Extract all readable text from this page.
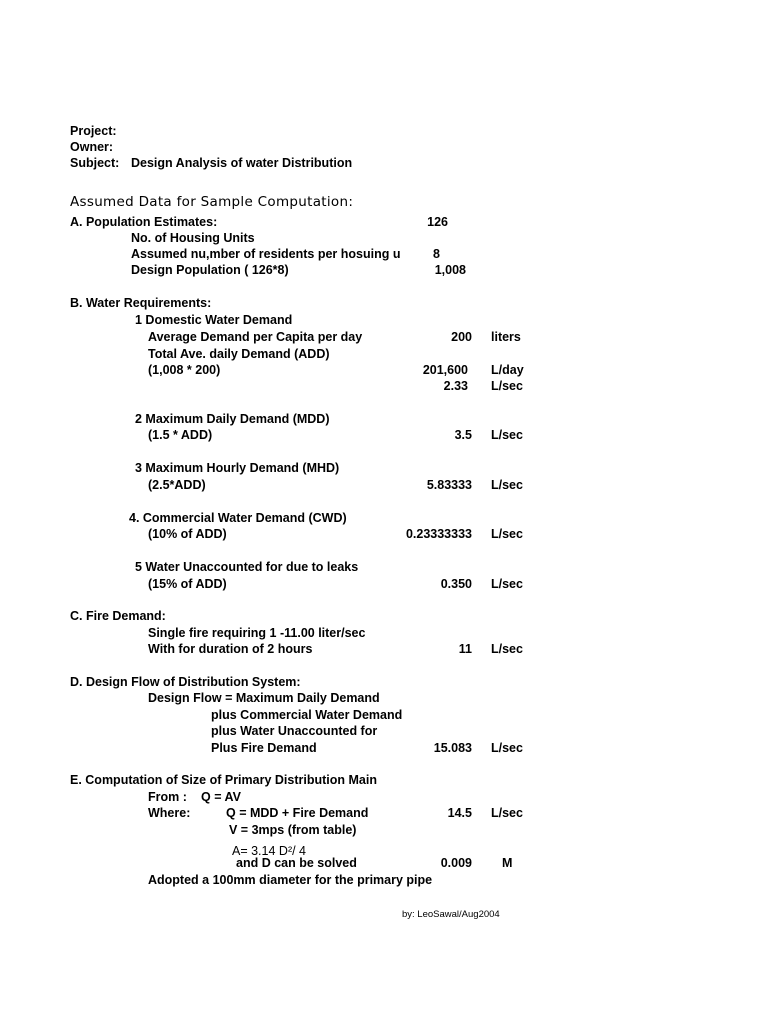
Project:
Owner:
Subject: Design Analysis of water Distribution
Assumed Data for Sample Computation:
A. Population Estimates:	126
No. of Housing Units
Assumed nu,mber of residents per hosuing u	8
Design Population ( 126*8)	1,008
B. Water Requirements:
1 Domestic Water Demand
Average Demand per Capita per day	200 liters
Total Ave. daily Demand (ADD)
(1,008 * 200)	201,600 L/day
2.33 L/sec
2 Maximum Daily Demand (MDD)
(1.5 * ADD)	3.5 L/sec
3 Maximum Hourly Demand (MHD)
(2.5*ADD)	5.83333 L/sec
4. Commercial Water Demand (CWD)
(10% of ADD)	0.23333333 L/sec
5 Water Unaccounted for due to leaks
(15% of ADD)	0.350 L/sec
C. Fire Demand:
Single fire requiring 1 -11.00 liter/sec
With for duration of 2 hours	11 L/sec
D. Design Flow of Distribution System:
Design Flow = Maximum Daily Demand
plus Commercial Water Demand
plus Water Unaccounted for
Plus Fire Demand	15.083 L/sec
E. Computation of Size of Primary Distribution Main
From : Q = AV
Where:	Q = MDD + Fire Demand	14.5 L/sec
V = 3mps (from table)
A= 3.14 D²/ 4
and D can be solved	0.009 M
Adopted a 100mm diameter for the primary pipe
by: LeoSawal/Aug2004
